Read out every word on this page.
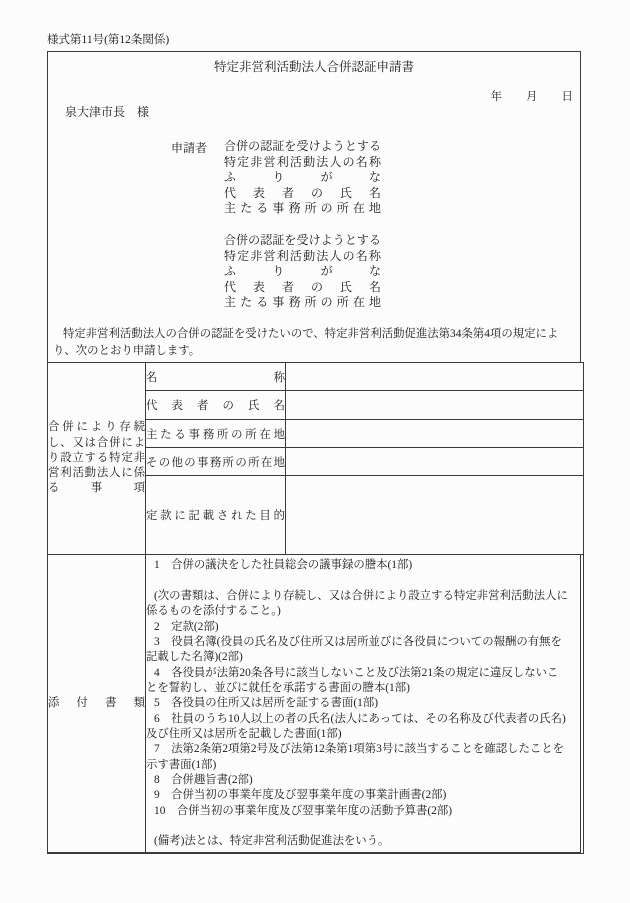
様式第11号(第12条関係)
特定非営利活動法人合併認証申請書
年 月 日
泉大津市長　様
申請者 合併の認証を受けようとする
特定非営利活動法人の名称
ふりがな
代表者の氏名
主たる事務所の所在地
合併の認証を受けようとする
特定非営利活動法人の名称
ふりがな
代表者の氏名
主たる事務所の所在地
特定非営利活動法人の合併の認証を受けたいので、特定非営利活動促進法第34条第4項の規定によ
り、次のとおり申請します。
合併により存続し、又は合併により設立する特定非営利活動法人に係る事項	名称	
	代表者の氏名	
	主たる事務所の所在地	
	その他の事務所の所在地	
	定款に記載された目的	
添付書類	
1　合併の議決をした社員総会の議事録の謄本(1部)
(次の書類は、合併により存続し、又は合併により設立する特定非営利活動法人に
係るものを添付すること。)
2　定款(2部)
3　役員名簿(役員の氏名及び住所又は居所並びに各役員についての報酬の有無を
記載した名簿)(2部)
4　各役員が法第20条各号に該当しないこと及び法第21条の規定に違反しないこ
とを誓約し、並びに就任を承諾する書面の謄本(1部)
5　各役員の住所又は居所を証する書面(1部)
6　社員のうち10人以上の者の氏名(法人にあっては、その名称及び代表者の氏名)
及び住所又は居所を記載した書面(1部)
7　法第2条第2項第2号及び法第12条第1項第3号に該当することを確認したことを
示す書面(1部)
8　合併趣旨書(2部)
9　合併当初の事業年度及び翌事業年度の事業計画書(2部)
10　合併当初の事業年度及び翌事業年度の活動予算書(2部)
(備考)法とは、特定非営利活動促進法をいう。
